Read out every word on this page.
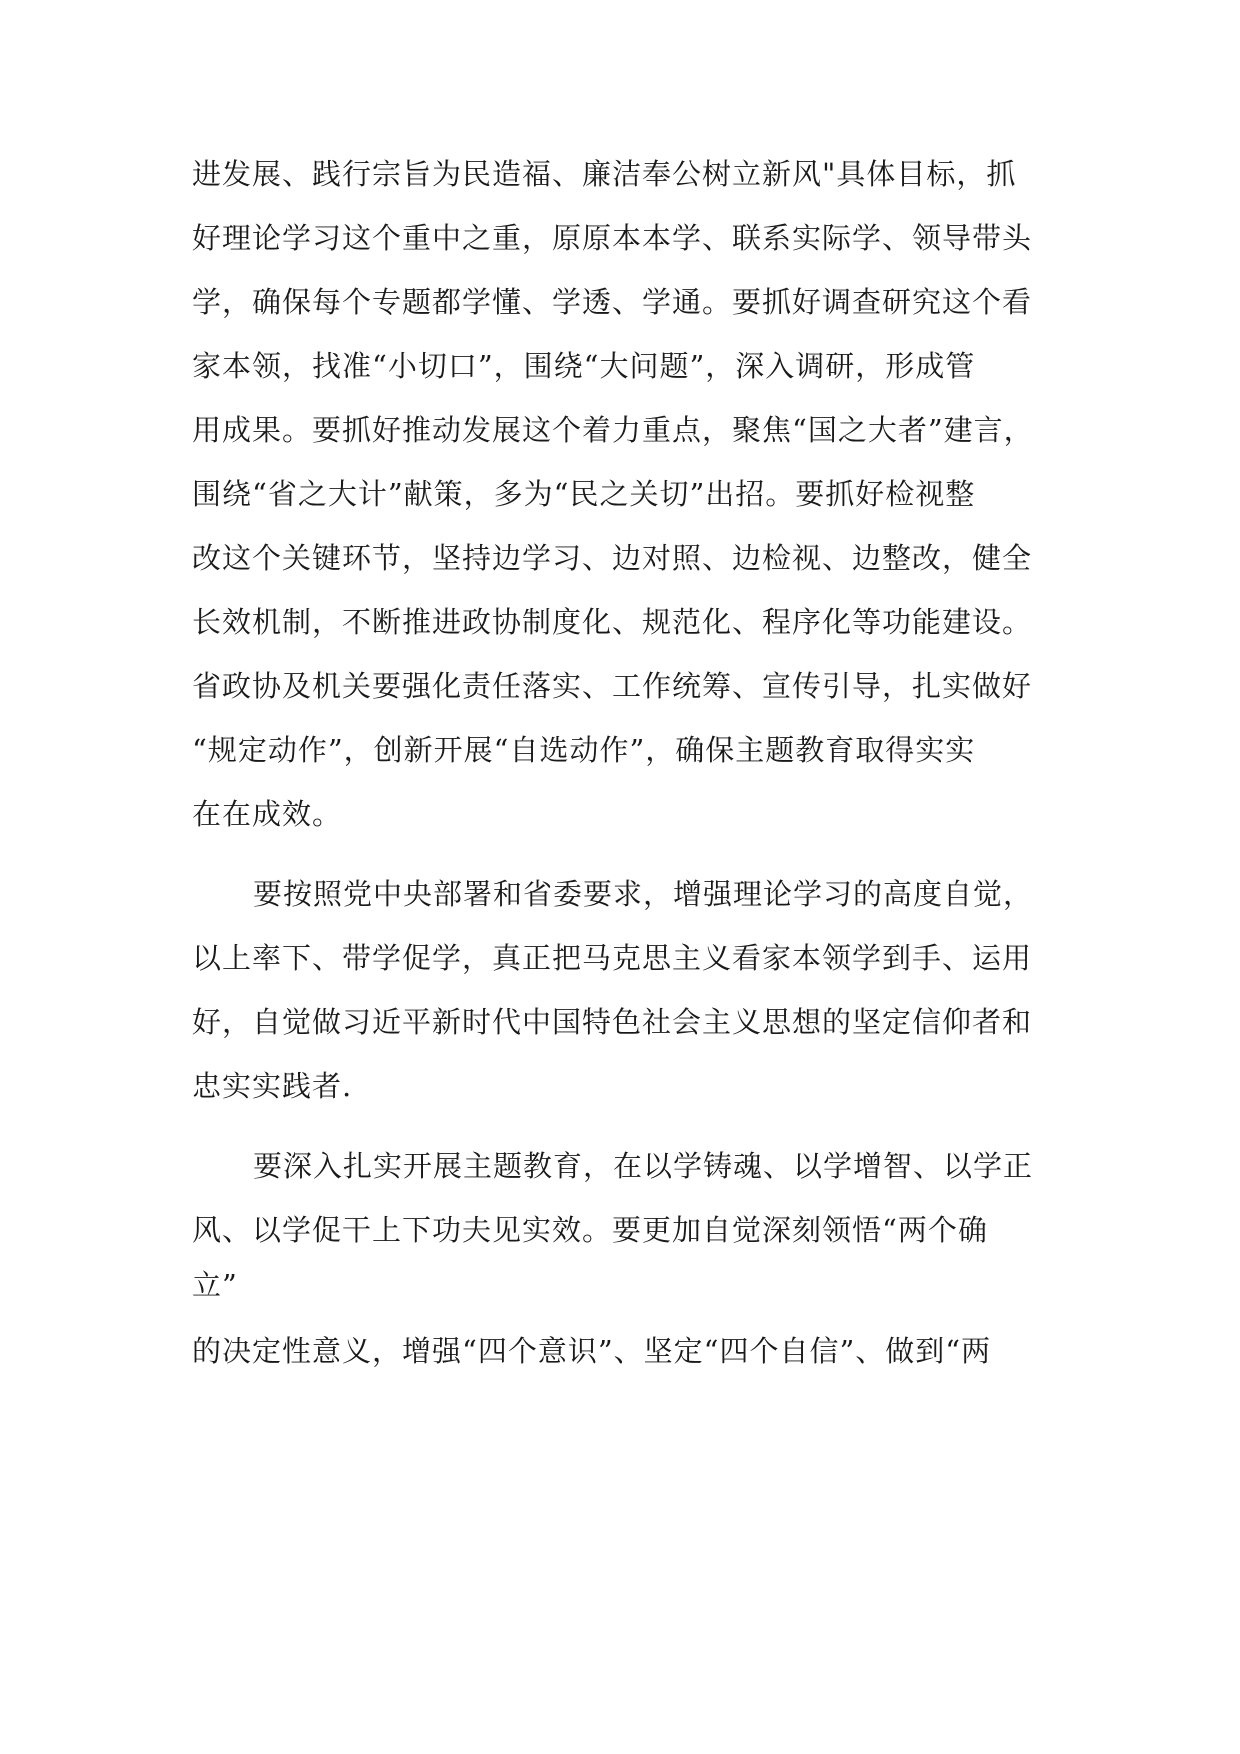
进发展、践行宗旨为民造福、廉洁奉公树立新风"具体目标，抓
好理论学习这个重中之重，原原本本学、联系实际学、领导带头
学，确保每个专题都学懂、学透、学通。要抓好调查研究这个看
家本领，找准“小切口”，围绕“大问题”，深入调研，形成管
用成果。要抓好推动发展这个着力重点，聚焦“国之大者”建言，
围绕“省之大计”献策，多为“民之关切”出招。要抓好检视整
改这个关键环节，坚持边学习、边对照、边检视、边整改，健全
长效机制，不断推进政协制度化、规范化、程序化等功能建设。
省政协及机关要强化责任落实、工作统筹、宣传引导，扎实做好
“规定动作”，创新开展“自选动作”，确保主题教育取得实实
在在成效。
要按照党中央部署和省委要求，增强理论学习的高度自觉，
以上率下、带学促学，真正把马克思主义看家本领学到手、运用
好，自觉做习近平新时代中国特色社会主义思想的坚定信仰者和
忠实实践者.
要深入扎实开展主题教育，在以学铸魂、以学增智、以学正
风、以学促干上下功夫见实效。要更加自觉深刻领悟“两个确
立”
的决定性意义，增强“四个意识”、坚定“四个自信”、做到“两
